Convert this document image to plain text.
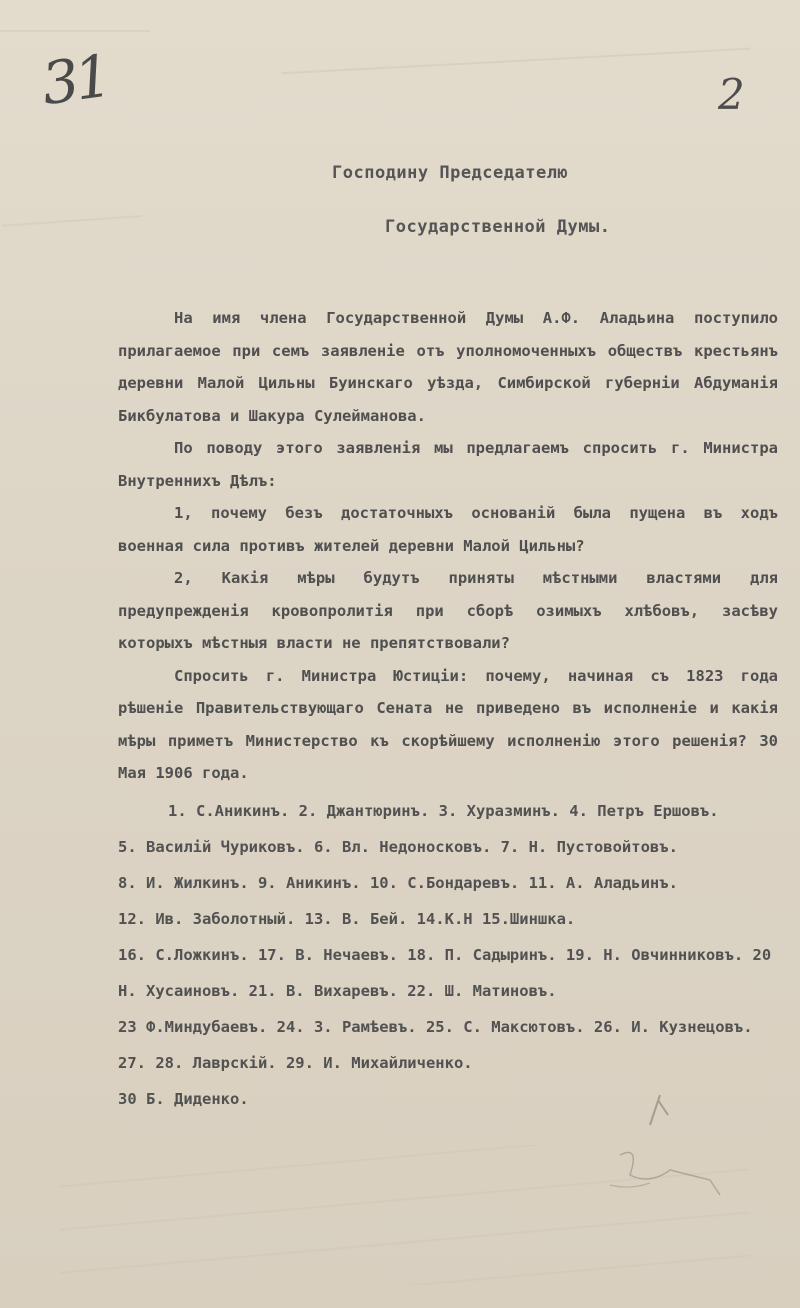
31	2
Господину Председателю
Государственной Думы.

На имя члена Государственной Думы А.Ф. Аладьина поступило прилагаемое при семъ заявленіе отъ уполномоченныхъ обществъ крестьянъ деревни Малой Цильны Буинскаго уѣзда, Симбирской губерніи Абдуманія Бикбулатова и Шакура Сулейманова.

По поводу этого заявленія мы предлагаемъ спросить г. Министра Внутреннихъ Дѣлъ:

1, почему безъ достаточныхъ основаній была пущена въ ходъ военная сила противъ жителей деревни Малой Цильны?

2, Какія мѣры будутъ приняты мѣстными властями для предупрежденія кровопролитія при сборѣ озимыхъ хлѣбовъ, засѣву которыхъ мѣстныя власти не препятствовали?

Спросить г. Министра Юстиціи: почему, начиная съ 1823 года рѣшеніе Правительствующаго Сената не приведено въ исполненіе и какія мѣры приметъ Министерство къ скорѣйшему исполненію этого решенія? 30 Мая 1906 года.

1. С.Аникинъ. 2. Джантюринъ. 3. Хуразминъ. 4. Петръ Ершовъ.

5. Василій Чуриковъ. 6. Вл. Недоносковъ. 7. Н. Пустовойтовъ.

8. И. Жилкинъ. 9. Аникинъ. 10. С.Бондаревъ. 11. А. Аладьинъ.

12. Ив. Заболотный. 13. В. Бей. 14.К.Н 15.Шиншка.

16. С.Ложкинъ. 17. В. Нечаевъ. 18. П. Садыринъ. 19. Н. Овчинниковъ. 20 Н. Хусаиновъ. 21. В. Вихаревъ. 22. Ш. Матиновъ.

23 Ф.Миндубаевъ. 24. З. Рамѣевъ. 25. С. Максютовъ. 26. И. Кузнецовъ. 27. 28. Лаврскій. 29. И. Михайличенко.

30 Б. Диденко.
